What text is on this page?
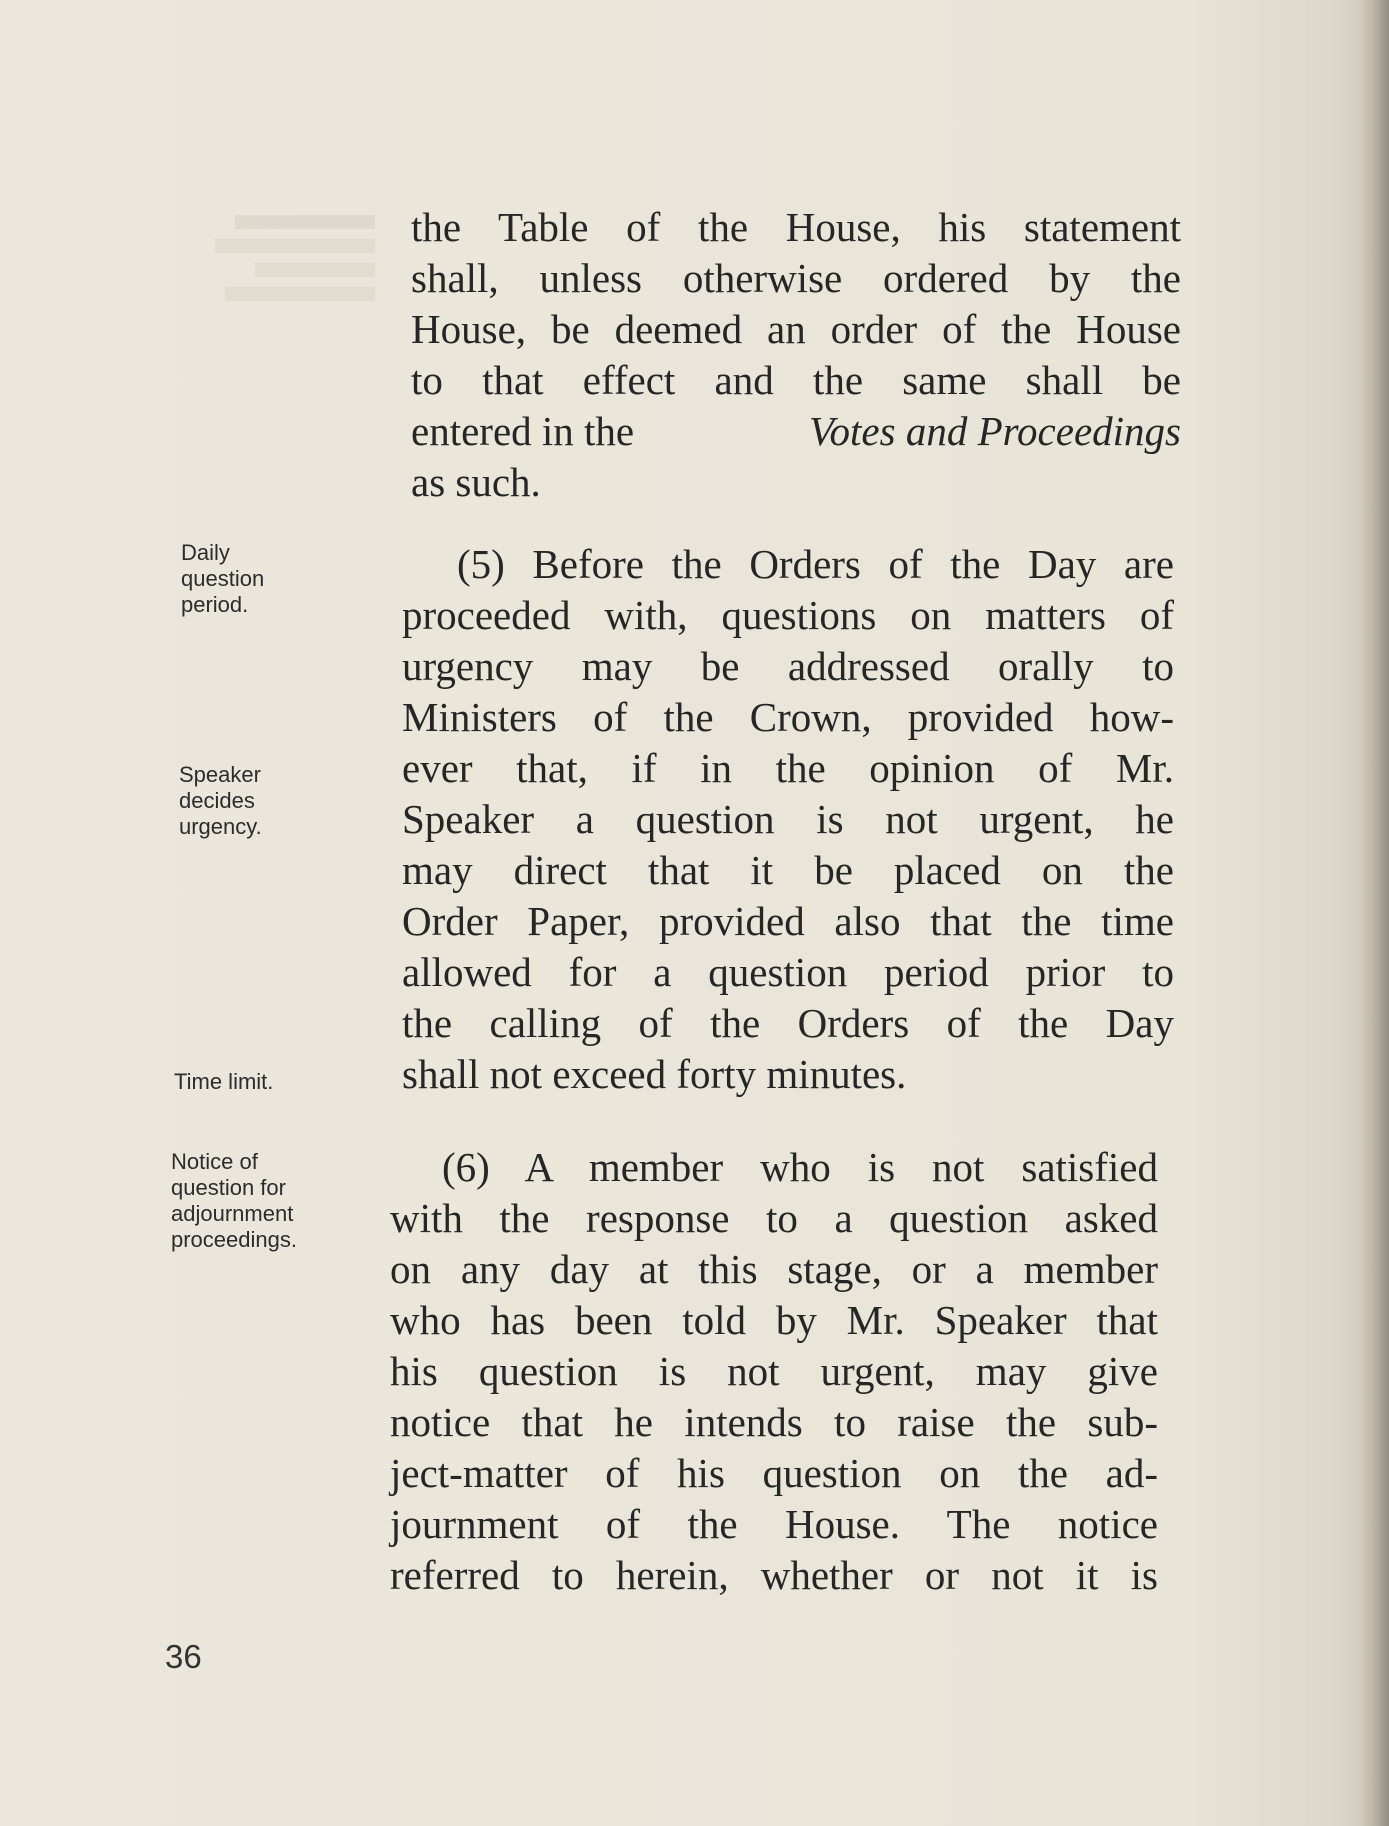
Daily
question
period.
Speaker
decides
urgency.
Time limit.
Notice of
question for
adjournment
proceedings.
the Table of the House, his statement
shall, unless otherwise ordered by the
House, be deemed an order of the House
to that effect and the same shall be
entered in the	Votes and Proceedings
as such.
(5) Before the Orders of the Day are
proceeded with, questions on matters of
urgency may be addressed orally to
Ministers of the Crown, provided how-
ever that, if in the opinion of Mr.
Speaker a question is not urgent, he
may direct that it be placed on the
Order Paper, provided also that the time
allowed for a question period prior to
the calling of the Orders of the Day
shall not exceed forty minutes.
(6) A member who is not satisfied
with the response to a question asked
on any day at this stage, or a member
who has been told by Mr. Speaker that
his question is not urgent, may give
notice that he intends to raise the sub-
ject-matter of his question on the ad-
journment of the House. The notice
referred to herein, whether or not it is
36
